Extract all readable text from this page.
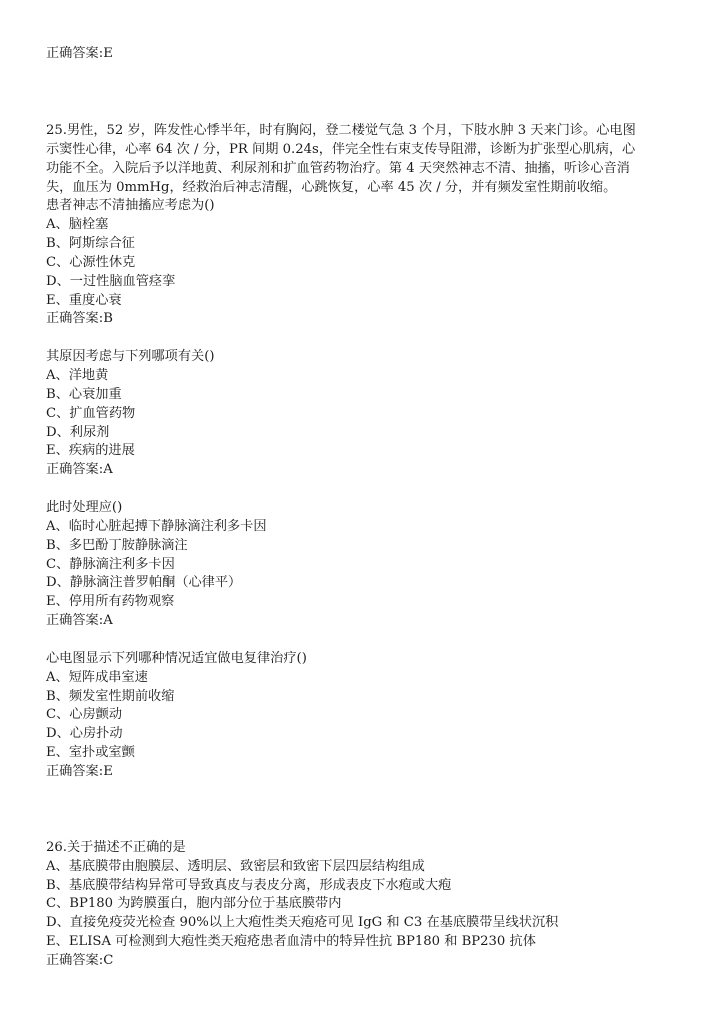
正确答案:E
25.男性，52 岁，阵发性心悸半年，时有胸闷，登二楼觉气急 3 个月，下肢水肿 3 天来门诊。心电图
示窦性心律，心率 64 次 / 分，PR 间期 0.24s，伴完全性右束支传导阻滞，诊断为扩张型心肌病，心
功能不全。入院后予以洋地黄、利尿剂和扩血管药物治疗。第 4 天突然神志不清、抽搐，听诊心音消
失，血压为 0mmHg，经救治后神志清醒，心跳恢复，心率 45 次 / 分，并有频发室性期前收缩。
患者神志不清抽搐应考虑为()
A、脑栓塞
B、阿斯综合征
C、心源性休克
D、一过性脑血管痉挛
E、重度心衰
正确答案:B
其原因考虑与下列哪项有关()
A、洋地黄
B、心衰加重
C、扩血管药物
D、利尿剂
E、疾病的进展
正确答案:A
此时处理应()
A、临时心脏起搏下静脉滴注利多卡因
B、多巴酚丁胺静脉滴注
C、静脉滴注利多卡因
D、静脉滴注普罗帕酮（心律平）
E、停用所有药物观察
正确答案:A
心电图显示下列哪种情况适宜做电复律治疗()
A、短阵成串室速
B、频发室性期前收缩
C、心房颤动
D、心房扑动
E、室扑或室颤
正确答案:E
26.关于描述不正确的是
A、基底膜带由胞膜层、透明层、致密层和致密下层四层结构组成
B、基底膜带结构异常可导致真皮与表皮分离，形成表皮下水疱或大疱
C、BP180 为跨膜蛋白，胞内部分位于基底膜带内
D、直接免疫荧光检查 90%以上大疱性类天疱疮可见 IgG 和 C3 在基底膜带呈线状沉积
E、ELISA 可检测到大疱性类天疱疮患者血清中的特异性抗 BP180 和 BP230 抗体
正确答案:C
